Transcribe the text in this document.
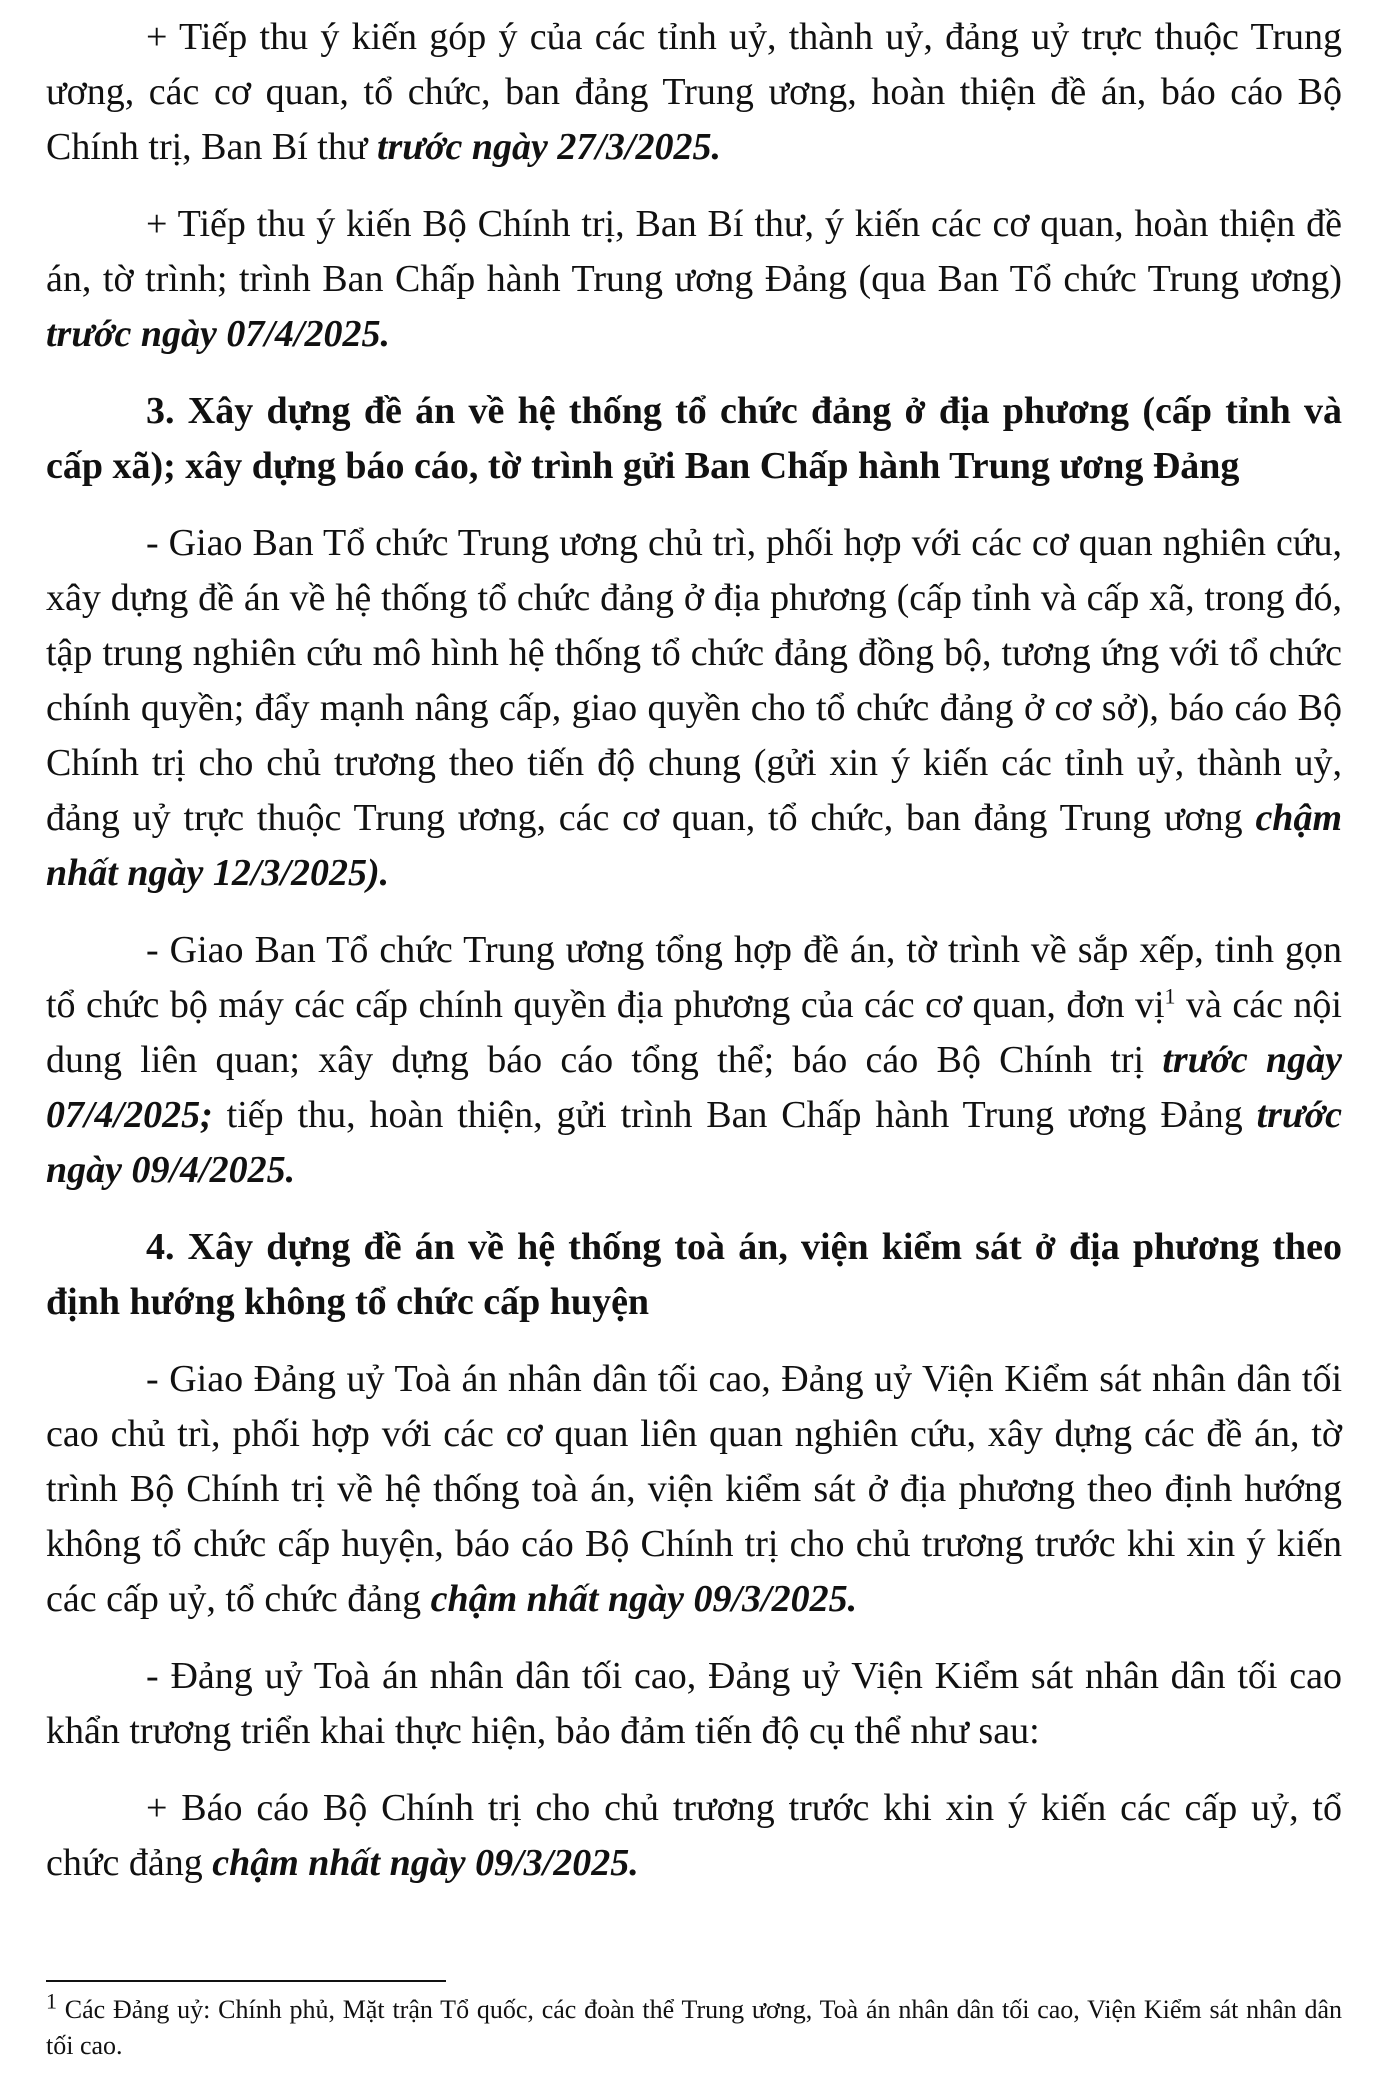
+ Tiếp thu ý kiến góp ý của các tỉnh uỷ, thành uỷ, đảng uỷ trực thuộc Trung ương, các cơ quan, tổ chức, ban đảng Trung ương, hoàn thiện đề án, báo cáo Bộ Chính trị, Ban Bí thư trước ngày 27/3/2025.

+ Tiếp thu ý kiến Bộ Chính trị, Ban Bí thư, ý kiến các cơ quan, hoàn thiện đề án, tờ trình; trình Ban Chấp hành Trung ương Đảng (qua Ban Tổ chức Trung ương) trước ngày 07/4/2025.

3. Xây dựng đề án về hệ thống tổ chức đảng ở địa phương (cấp tỉnh và cấp xã); xây dựng báo cáo, tờ trình gửi Ban Chấp hành Trung ương Đảng

- Giao Ban Tổ chức Trung ương chủ trì, phối hợp với các cơ quan nghiên cứu, xây dựng đề án về hệ thống tổ chức đảng ở địa phương (cấp tỉnh và cấp xã, trong đó, tập trung nghiên cứu mô hình hệ thống tổ chức đảng đồng bộ, tương ứng với tổ chức chính quyền; đẩy mạnh nâng cấp, giao quyền cho tổ chức đảng ở cơ sở), báo cáo Bộ Chính trị cho chủ trương theo tiến độ chung (gửi xin ý kiến các tỉnh uỷ, thành uỷ, đảng uỷ trực thuộc Trung ương, các cơ quan, tổ chức, ban đảng Trung ương chậm nhất ngày 12/3/2025).

- Giao Ban Tổ chức Trung ương tổng hợp đề án, tờ trình về sắp xếp, tinh gọn tổ chức bộ máy các cấp chính quyền địa phương của các cơ quan, đơn vị$^1$ và các nội dung liên quan; xây dựng báo cáo tổng thể; báo cáo Bộ Chính trị trước ngày 07/4/2025; tiếp thu, hoàn thiện, gửi trình Ban Chấp hành Trung ương Đảng trước ngày 09/4/2025.

4. Xây dựng đề án về hệ thống toà án, viện kiểm sát ở địa phương theo định hướng không tổ chức cấp huyện

- Giao Đảng uỷ Toà án nhân dân tối cao, Đảng uỷ Viện Kiểm sát nhân dân tối cao chủ trì, phối hợp với các cơ quan liên quan nghiên cứu, xây dựng các đề án, tờ trình Bộ Chính trị về hệ thống toà án, viện kiểm sát ở địa phương theo định hướng không tổ chức cấp huyện, báo cáo Bộ Chính trị cho chủ trương trước khi xin ý kiến các cấp uỷ, tổ chức đảng chậm nhất ngày 09/3/2025.

- Đảng uỷ Toà án nhân dân tối cao, Đảng uỷ Viện Kiểm sát nhân dân tối cao khẩn trương triển khai thực hiện, bảo đảm tiến độ cụ thể như sau:

+ Báo cáo Bộ Chính trị cho chủ trương trước khi xin ý kiến các cấp uỷ, tổ chức đảng chậm nhất ngày 09/3/2025.

$^1$ Các Đảng uỷ: Chính phủ, Mặt trận Tổ quốc, các đoàn thể Trung ương, Toà án nhân dân tối cao, Viện Kiểm sát nhân dân tối cao.
